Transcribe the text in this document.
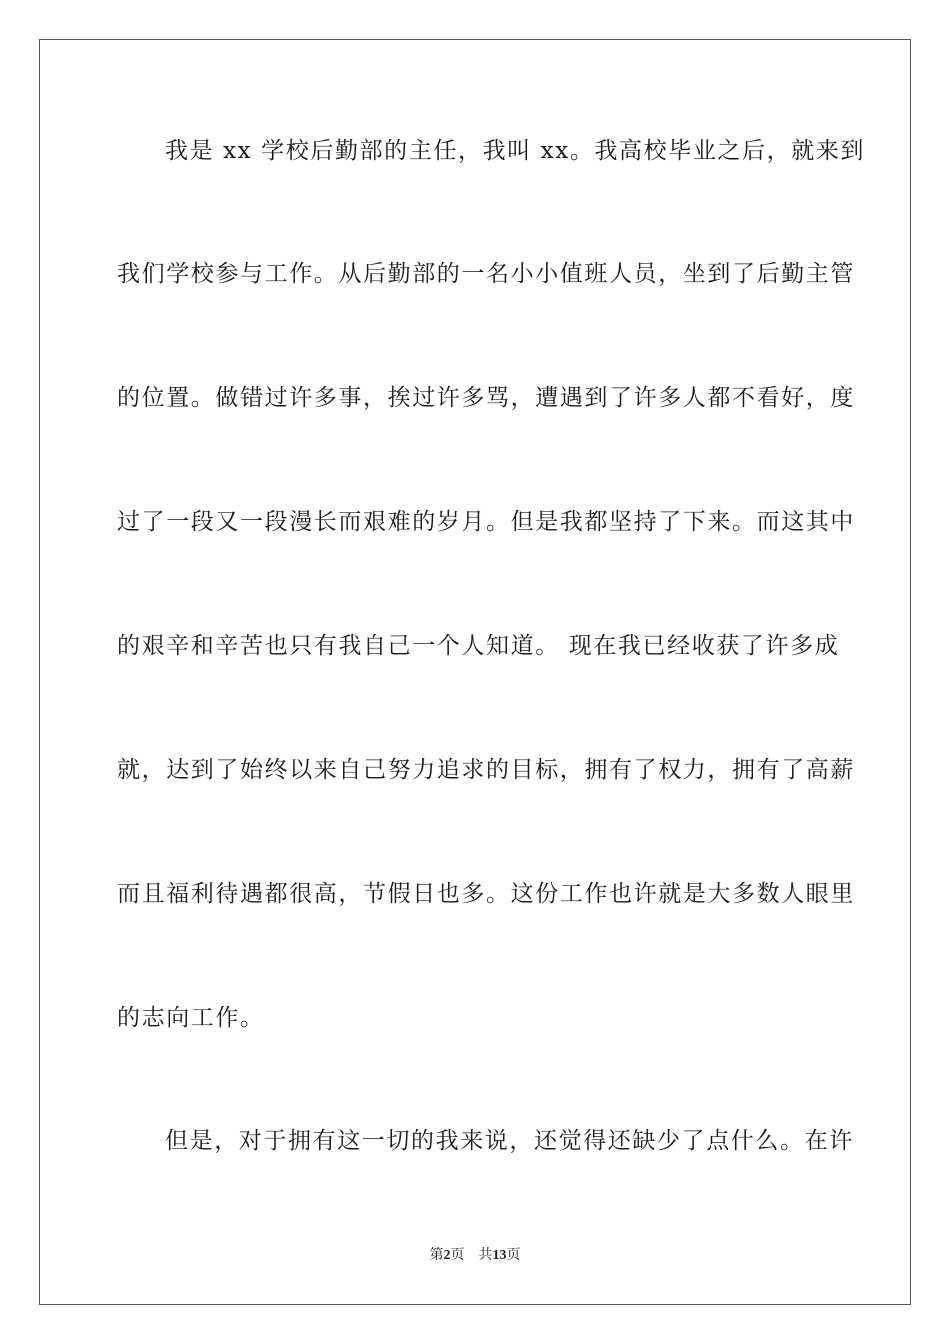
我是 xx 学校后勤部的主任，我叫 xx。我高校毕业之后，就来到
我们学校参与工作。从后勤部的一名小小值班人员，坐到了后勤主管
的位置。做错过许多事，挨过许多骂，遭遇到了许多人都不看好，度
过了一段又一段漫长而艰难的岁月。但是我都坚持了下来。而这其中
的艰辛和辛苦也只有我自己一个人知道。 现在我已经收获了许多成
就，达到了始终以来自己努力追求的目标，拥有了权力，拥有了高薪
而且福利待遇都很高，节假日也多。这份工作也许就是大多数人眼里
的志向工作。
但是，对于拥有这一切的我来说，还觉得还缺少了点什么。在许
第2页 共13页
